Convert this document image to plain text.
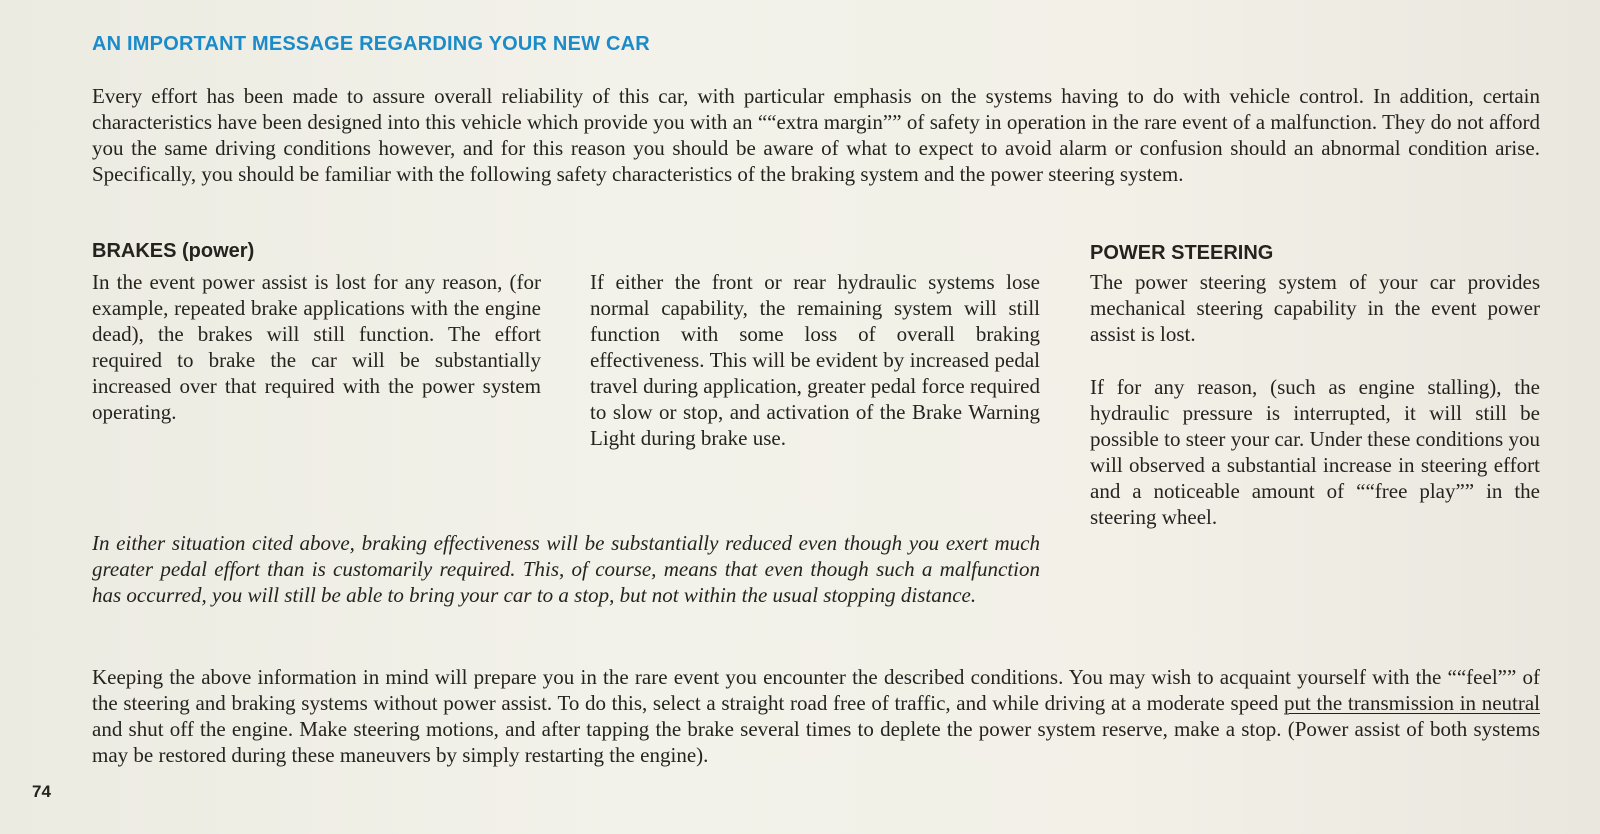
AN IMPORTANT MESSAGE REGARDING YOUR NEW CAR

Every effort has been made to assure overall reliability of this car, with particular emphasis on the systems having to do with vehicle control. In addition, certain characteristics have been designed into this vehicle which provide you with an ““extra margin”” of safety in operation in the rare event of a malfunction. They do not afford you the same driving conditions however, and for this reason you should be aware of what to expect to avoid alarm or confusion should an abnormal condition arise. Specifically, you should be familiar with the following safety characteristics of the braking system and the power steering system.

BRAKES (power)	POWER STEERING

In the event power assist is lost for any reason, (for example, repeated brake applications with the engine dead), the brakes will still function. The effort required to brake the car will be substantially increased over that required with the power system operating.

If either the front or rear hydraulic systems lose normal capability, the remaining system will still function with some loss of overall braking effectiveness. This will be evident by increased pedal travel during application, greater pedal force required to slow or stop, and activation of the Brake Warning Light during brake use.

The power steering system of your car provides mechanical steering capability in the event power assist is lost.

If for any reason, (such as engine stalling), the hydraulic pressure is interrupted, it will still be possible to steer your car. Under these conditions you will observed a substantial increase in steering effort and a noticeable amount of ““free play”” in the steering wheel.

In either situation cited above, braking effectiveness will be substantially reduced even though you exert much greater pedal effort than is customarily required. This, of course, means that even though such a malfunction has occurred, you will still be able to bring your car to a stop, but not within the usual stopping distance.

Keeping the above information in mind will prepare you in the rare event you encounter the described conditions. You may wish to acquaint yourself with the ““feel”” of the steering and braking systems without power assist. To do this, select a straight road free of traffic, and while driving at a moderate speed put the transmission in neutral and shut off the engine. Make steering motions, and after tapping the brake several times to deplete the power system reserve, make a stop. (Power assist of both systems may be restored during these maneuvers by simply restarting the engine).

74
